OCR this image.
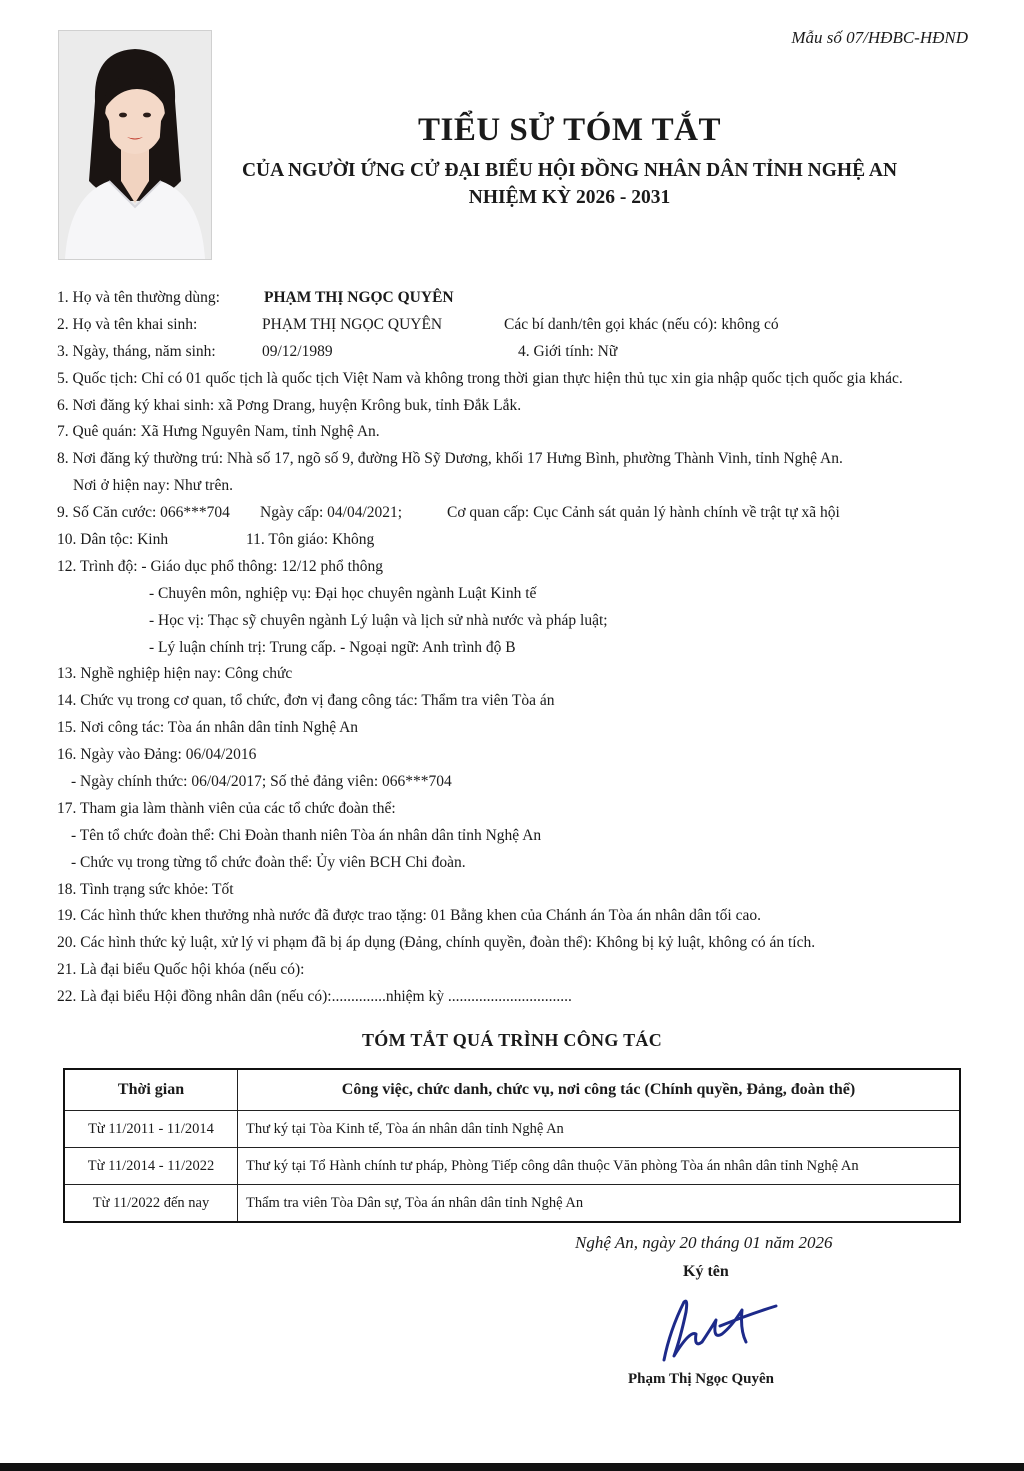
Mẫu số 07/HĐBC-HĐND
TIỂU SỬ TÓM TẮT
CỦA NGƯỜI ỨNG CỬ ĐẠI BIỂU HỘI ĐỒNG NHÂN DÂN TỈNH NGHỆ AN
NHIỆM KỲ 2026 - 2031
1. Họ và tên thường dùng:	PHẠM THỊ NGỌC QUYÊN
2. Họ và tên khai sinh:	PHẠM THỊ NGỌC QUYÊN	Các bí danh/tên gọi khác (nếu có): không có
3. Ngày, tháng, năm sinh:	09/12/1989	4. Giới tính: Nữ
5. Quốc tịch: Chỉ có 01 quốc tịch là quốc tịch Việt Nam và không trong thời gian thực hiện thủ tục xin gia nhập quốc tịch quốc gia khác.
6. Nơi đăng ký khai sinh: xã Pơng Drang, huyện Krông buk, tỉnh Đắk Lắk.
7. Quê quán: Xã Hưng Nguyên Nam, tỉnh Nghệ An.
8. Nơi đăng ký thường trú: Nhà số 17, ngõ số 9, đường Hồ Sỹ Dương, khối 17 Hưng Bình, phường Thành Vinh, tỉnh Nghệ An.
Nơi ở hiện nay: Như trên.
9. Số Căn cước: 066***704 Ngày cấp: 04/04/2021;	Cơ quan cấp: Cục Cảnh sát quản lý hành chính về trật tự xã hội
10. Dân tộc: Kinh	11. Tôn giáo: Không
12. Trình độ: - Giáo dục phổ thông: 12/12 phổ thông
- Chuyên môn, nghiệp vụ: Đại học chuyên ngành Luật Kinh tế
- Học vị: Thạc sỹ chuyên ngành Lý luận và lịch sử nhà nước và pháp luật;
- Lý luận chính trị: Trung cấp. - Ngoại ngữ: Anh trình độ B
13. Nghề nghiệp hiện nay: Công chức
14. Chức vụ trong cơ quan, tổ chức, đơn vị đang công tác: Thẩm tra viên Tòa án
15. Nơi công tác: Tòa án nhân dân tỉnh Nghệ An
16. Ngày vào Đảng: 06/04/2016
- Ngày chính thức: 06/04/2017; Số thẻ đảng viên: 066***704
17. Tham gia làm thành viên của các tổ chức đoàn thể:
- Tên tổ chức đoàn thể: Chi Đoàn thanh niên Tòa án nhân dân tỉnh Nghệ An
- Chức vụ trong từng tổ chức đoàn thể: Ủy viên BCH Chi đoàn.
18. Tình trạng sức khỏe: Tốt
19. Các hình thức khen thưởng nhà nước đã được trao tặng: 01 Bằng khen của Chánh án Tòa án nhân dân tối cao.
20. Các hình thức kỷ luật, xử lý vi phạm đã bị áp dụng (Đảng, chính quyền, đoàn thể): Không bị kỷ luật, không có án tích.
21. Là đại biểu Quốc hội khóa (nếu có):
22. Là đại biểu Hội đồng nhân dân (nếu có):..............nhiệm kỳ ................................
TÓM TẮT QUÁ TRÌNH CÔNG TÁC
Thời gian	Công việc, chức danh, chức vụ, nơi công tác (Chính quyền, Đảng, đoàn thể)
Từ 11/2011 - 11/2014	Thư ký tại Tòa Kinh tế, Tòa án nhân dân tỉnh Nghệ An
Từ 11/2014 - 11/2022	Thư ký tại Tổ Hành chính tư pháp, Phòng Tiếp công dân thuộc Văn phòng Tòa án nhân dân tỉnh Nghệ An
Từ 11/2022 đến nay	Thẩm tra viên Tòa Dân sự, Tòa án nhân dân tỉnh Nghệ An
Nghệ An, ngày 20 tháng 01 năm 2026
Ký tên
Phạm Thị Ngọc Quyên
